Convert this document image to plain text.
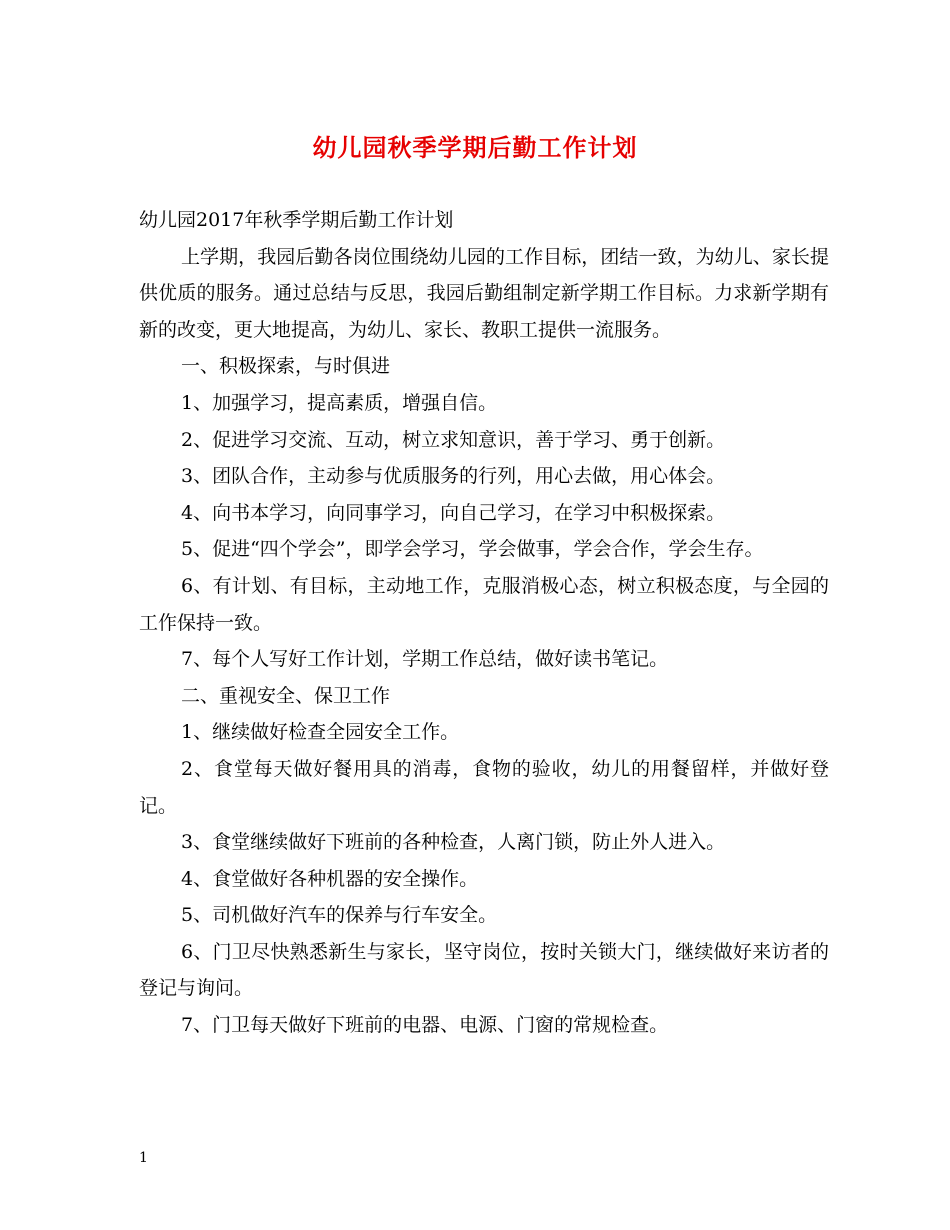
幼儿园秋季学期后勤工作计划

幼儿园2017年秋季学期后勤工作计划

上学期，我园后勤各岗位围绕幼儿园的工作目标，团结一致，为幼儿、家长提供优质的服务。通过总结与反思，我园后勤组制定新学期工作目标。力求新学期有新的改变，更大地提高，为幼儿、家长、教职工提供一流服务。

一、积极探索，与时俱进

1、加强学习，提高素质，增强自信。

2、促进学习交流、互动，树立求知意识，善于学习、勇于创新。

3、团队合作，主动参与优质服务的行列，用心去做，用心体会。

4、向书本学习，向同事学习，向自己学习，在学习中积极探索。

5、促进“四个学会”，即学会学习，学会做事，学会合作，学会生存。

6、有计划、有目标，主动地工作，克服消极心态，树立积极态度，与全园的工作保持一致。

7、每个人写好工作计划，学期工作总结，做好读书笔记。

二、重视安全、保卫工作

1、继续做好检查全园安全工作。

2、食堂每天做好餐用具的消毒，食物的验收，幼儿的用餐留样，并做好登记。

3、食堂继续做好下班前的各种检查，人离门锁，防止外人进入。

4、食堂做好各种机器的安全操作。

5、司机做好汽车的保养与行车安全。

6、门卫尽快熟悉新生与家长，坚守岗位，按时关锁大门，继续做好来访者的登记与询问。

7、门卫每天做好下班前的电器、电源、门窗的常规检查。

1
